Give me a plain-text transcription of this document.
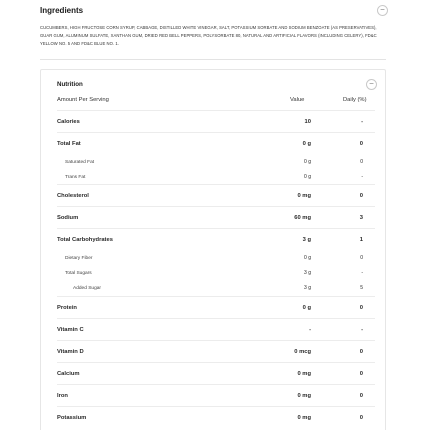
Ingredients	−
CUCUMBERS, HIGH FRUCTOSE CORN SYRUP, CABBAGE, DISTILLED WHITE VINEGAR, SALT, POTASSIUM SORBATE AND SODIUM BENZOATE (AS PRESERVATIVES), GUAR GUM, ALUMINUM SULFATE, XANTHAN GUM, DRIED RED BELL PEPPERS, POLYSORBATE 80, NATURAL AND ARTIFICIAL FLAVORS (INCLUDING CELERY), FD&C YELLOW NO. 5 AND FD&C BLUE NO. 1.
Nutrition	−
Amount Per Serving	Value	Daily (%)
Calories	10	-
Total Fat	0 g	0
Saturated Fat	0 g	0
Trans Fat	0 g	-
Cholesterol	0 mg	0
Sodium	60 mg	3
Total Carbohydrates	3 g	1
Dietary Fiber	0 g	0
Total Sugars	3 g	-
Added Sugar	3 g	5
Protein	0 g	0
Vitamin C	-	-
Vitamin D	0 mcg	0
Calcium	0 mg	0
Iron	0 mg	0
Potassium	0 mg	0
